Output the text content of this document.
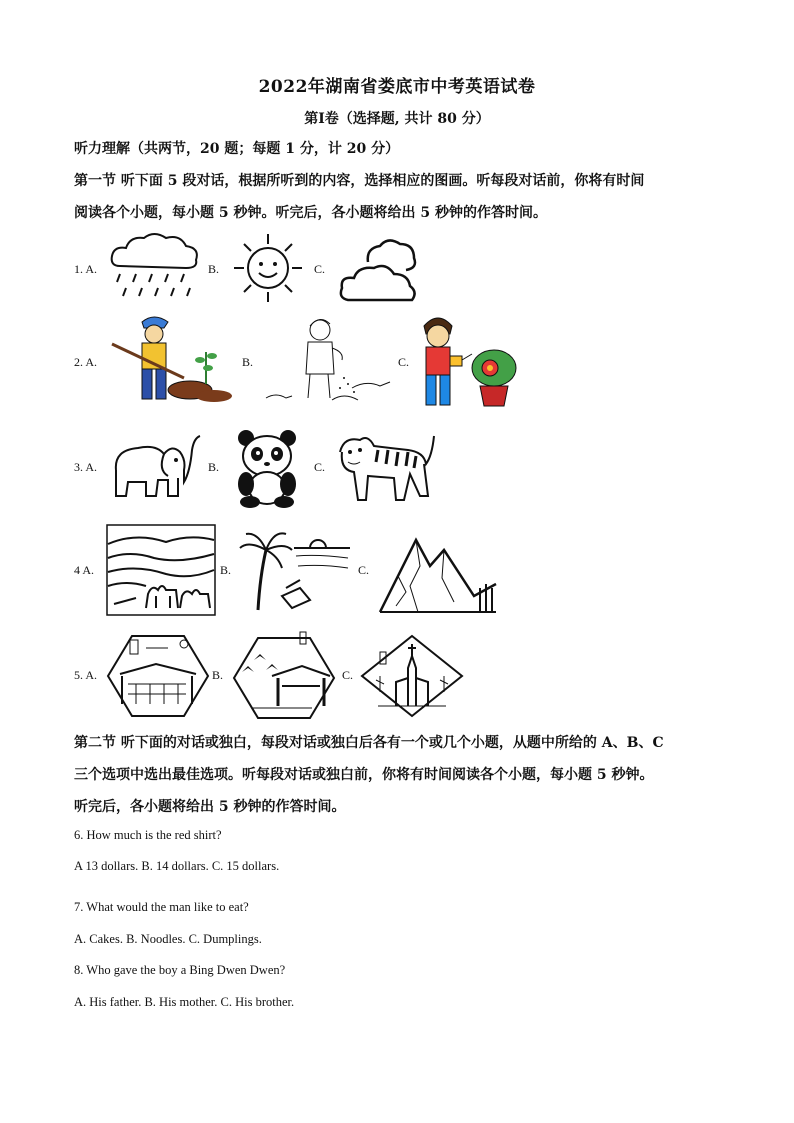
2022年湖南省娄底市中考英语试卷
第Ⅰ卷（选择题, 共计 80 分）
听力理解（共两节，20 题；每题 1 分，计 20 分）
第一节 听下面 5 段对话，根据所听到的内容，选择相应的图画。听每段对话前，你将有时间
阅读各个小题，每小题 5 秒钟。听完后，各小题将给出 5 秒钟的作答时间。
1. A.	B.	C.
2. A.	B.	C.
3. A.	B.	C.
4 A.	B.	C.
5. A.	B.	C.
第二节 听下面的对话或独白，每段对话或独白后各有一个或几个小题，从题中所给的 A、B、C
三个选项中选出最佳选项。听每段对话或独白前，你将有时间阅读各个小题，每小题 5 秒钟。
听完后，各小题将给出 5 秒钟的作答时间。
6. How much is the red shirt?
A 13 dollars. B. 14 dollars. C. 15 dollars.
7. What would the man like to eat?
A. Cakes. B. Noodles. C. Dumplings.
8. Who gave the boy a Bing Dwen Dwen?
A. His father. B. His mother. C. His brother.
